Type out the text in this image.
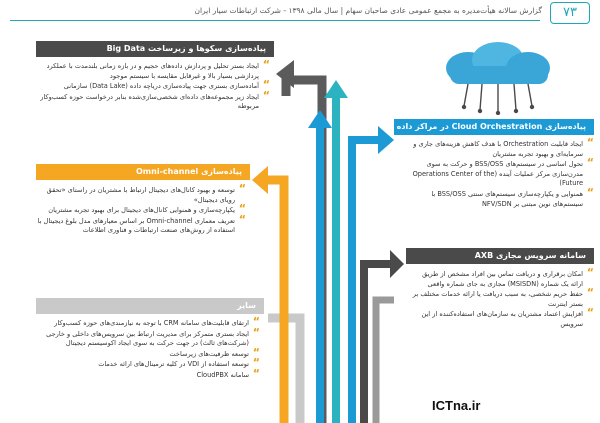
گزارش سالانه هیأت‌مدیره به مجمع عمومی عادی صاحبان سهام | سال مالی ۱۳۹۸ - شرکت ارتباطات سیار ایران	۷۳
پیاده‌سازی سکوها و زیرساخت Big Data
“ ایجاد بستر تحلیل و پردازش داده‌های حجیم و در بازه زمانی بلندمدت با عملکرد پردازشی بسیار بالا و غیرقابل مقایسه با سیستم موجود
“ آماده‌سازی بستری جهت پیاده‌سازی دریاچه داده (Data Lake) سازمانی
“ ایجاد زیر مجموعه‌های داده‌ای شخصی‌سازی‌شده بنابر درخواست حوزه کسب‌وکار مربوطه
پیاده‌سازی Omni-channel
“ توسعه و بهبود کانال‌های دیجیتال ارتباط با مشتریان در راستای «تحقق رویای دیجیتال»
“ یکپارچه‌سازی و همنوایی کانال‌های دیجیتال برای بهبود تجربه مشتریان
“ تعریف معماری Omni-channel بر اساس معیارهای مدل بلوغ دیجیتال با استفاده از روش‌های صنعت ارتباطات و فناوری اطلاعات
سایر
“ ارتقای قابلیت‌های سامانه CRM با توجه به نیازمندی‌های حوزه کسب‌وکار
“ ایجاد بستری متمرکز برای مدیریت ارتباط بین سرویس‌های داخلی و خارجی (شرکت‌های ثالث) در جهت حرکت به سوی ایجاد اکوسیستم دیجیتال
“ توسعه ظرفیت‌های زیرساخت
“ توسعه استفاده از VDI در کلیه ترمینال‌های ارائه خدمات
“ سامانه CloudPBX
پیاده‌سازی Cloud Orchestration در مراکز داده
“ ایجاد قابلیت Orchestration با هدف کاهش هزینه‌های جاری و سرمایه‌ای و بهبود تجربه مشتریان
“ تحول اساسی در سیستم‌های BSS/OSS و حرکت به سوی مدرن‌سازی مرکز عملیات آینده (Operations Center of the Future)
“ همنوایی و یکپارچه‌سازی سیستم‌های سنتی BSS/OSS با سیستم‌های نوین مبتنی بر NFV/SDN
سامانه سرویس مجازی AXB
“ امکان برقراری و دریافت تماس بین افراد مشخص از طریق ارائه یک شماره (MSISDN) مجازی به جای شماره واقعی
“ حفظ حریم شخصی، به سبب دریافت یا ارائه خدمات مختلف بر بستر اینترنت
“ افزایش اعتماد مشتریان به سازمان‌های استفاده‌کننده از این سرویس
ICTna.ir
